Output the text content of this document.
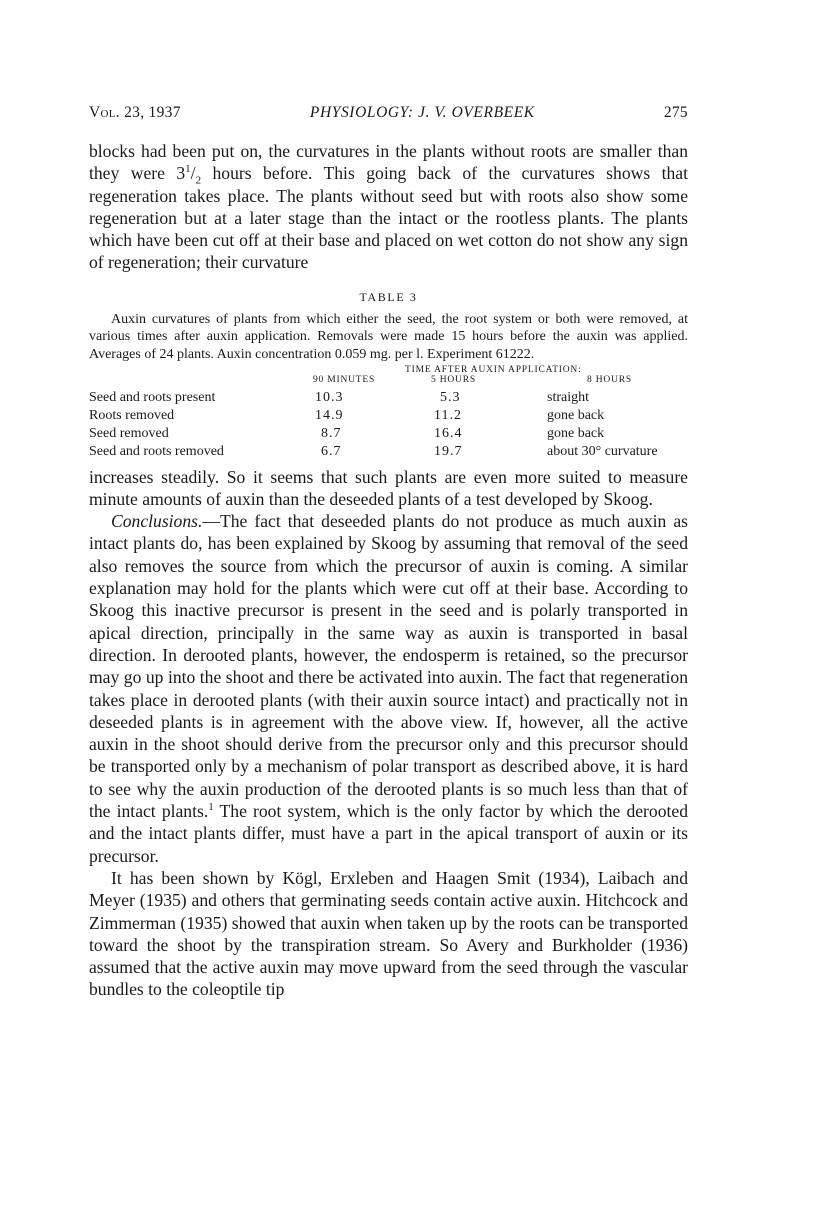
Vol. 23, 1937	PHYSIOLOGY: J. V. OVERBEEK	275

blocks had been put on, the curvatures in the plants without roots are smaller than they were $3^1/_2$ hours before. This going back of the curvatures shows that regeneration takes place. The plants without seed but with roots also show some regeneration but at a later stage than the intact or the rootless plants. The plants which have been cut off at their base and placed on wet cotton do not show any sign of regeneration; their curvature

TABLE 3

Auxin curvatures of plants from which either the seed, the root system or both were removed, at various times after auxin application. Removals were made 15 hours before the auxin was applied. Averages of 24 plants. Auxin concentration 0.059 mg. per l. Experiment 61222.

TIME AFTER AUXIN APPLICATION:
90 MINUTES	5 HOURS	8 HOURS
Seed and roots present	10.3	5.3	straight
Roots removed	14.9	11.2	gone back
Seed removed	8.7	16.4	gone back
Seed and roots removed	6.7	19.7	about 30° curvature

increases steadily. So it seems that such plants are even more suited to measure minute amounts of auxin than the deseeded plants of a test developed by Skoog.

Conclusions.—The fact that deseeded plants do not produce as much auxin as intact plants do, has been explained by Skoog by assuming that removal of the seed also removes the source from which the precursor of auxin is coming. A similar explanation may hold for the plants which were cut off at their base. According to Skoog this inactive precursor is present in the seed and is polarly transported in apical direction, principally in the same way as auxin is transported in basal direction. In derooted plants, however, the endosperm is retained, so the precursor may go up into the shoot and there be activated into auxin. The fact that regeneration takes place in derooted plants (with their auxin source intact) and practically not in deseeded plants is in agreement with the above view. If, however, all the active auxin in the shoot should derive from the precursor only and this precursor should be transported only by a mechanism of polar transport as described above, it is hard to see why the auxin production of the derooted plants is so much less than that of the intact plants.$^1$ The root system, which is the only factor by which the derooted and the intact plants differ, must have a part in the apical transport of auxin or its precursor.

It has been shown by Kögl, Erxleben and Haagen Smit (1934), Laibach and Meyer (1935) and others that germinating seeds contain active auxin. Hitchcock and Zimmerman (1935) showed that auxin when taken up by the roots can be transported toward the shoot by the transpiration stream. So Avery and Burkholder (1936) assumed that the active auxin may move upward from the seed through the vascular bundles to the coleoptile tip
